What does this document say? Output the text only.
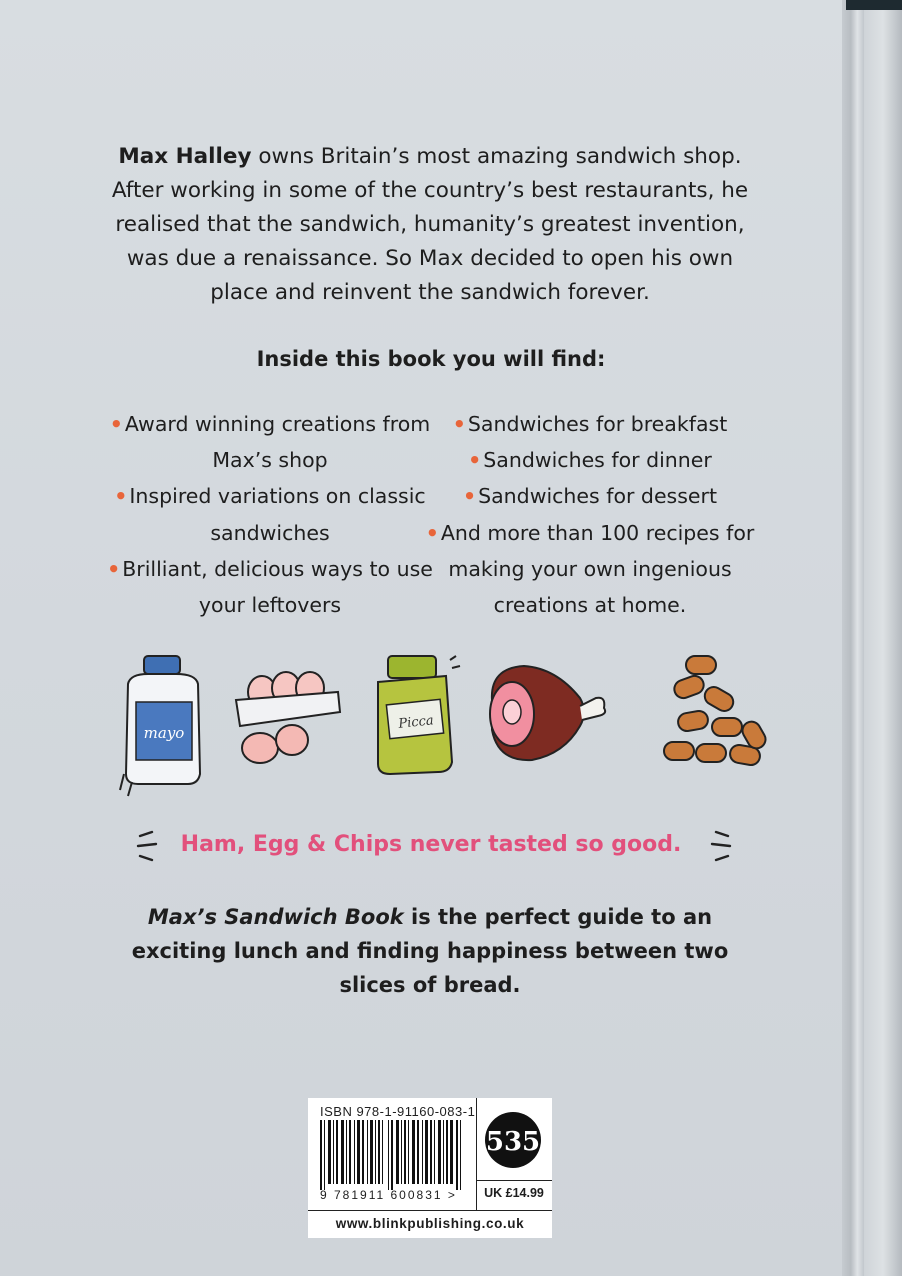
Max Halley owns Britain’s most amazing sandwich shop. After working in some of the country’s best restaurants, he realised that the sandwich, humanity’s greatest invention, was due a renaissance. So Max decided to open his own place and reinvent the sandwich forever.
Inside this book you will find:
•Award winning creations from Max’s shop
•Inspired variations on classic sandwiches
•Brilliant, delicious ways to use your leftovers
•Sandwiches for breakfast
•Sandwiches for dinner
•Sandwiches for dessert
•And more than 100 recipes for making your own ingenious creations at home.
mayo
Picca
Ham, Egg & Chips never tasted so good.
Max’s Sandwich Book is the perfect guide to an exciting lunch and finding happiness between two slices of bread.
ISBN 978-1-91160-083-1
9 781911 600831 >
535
UK £14.99
www.blinkpublishing.co.uk
